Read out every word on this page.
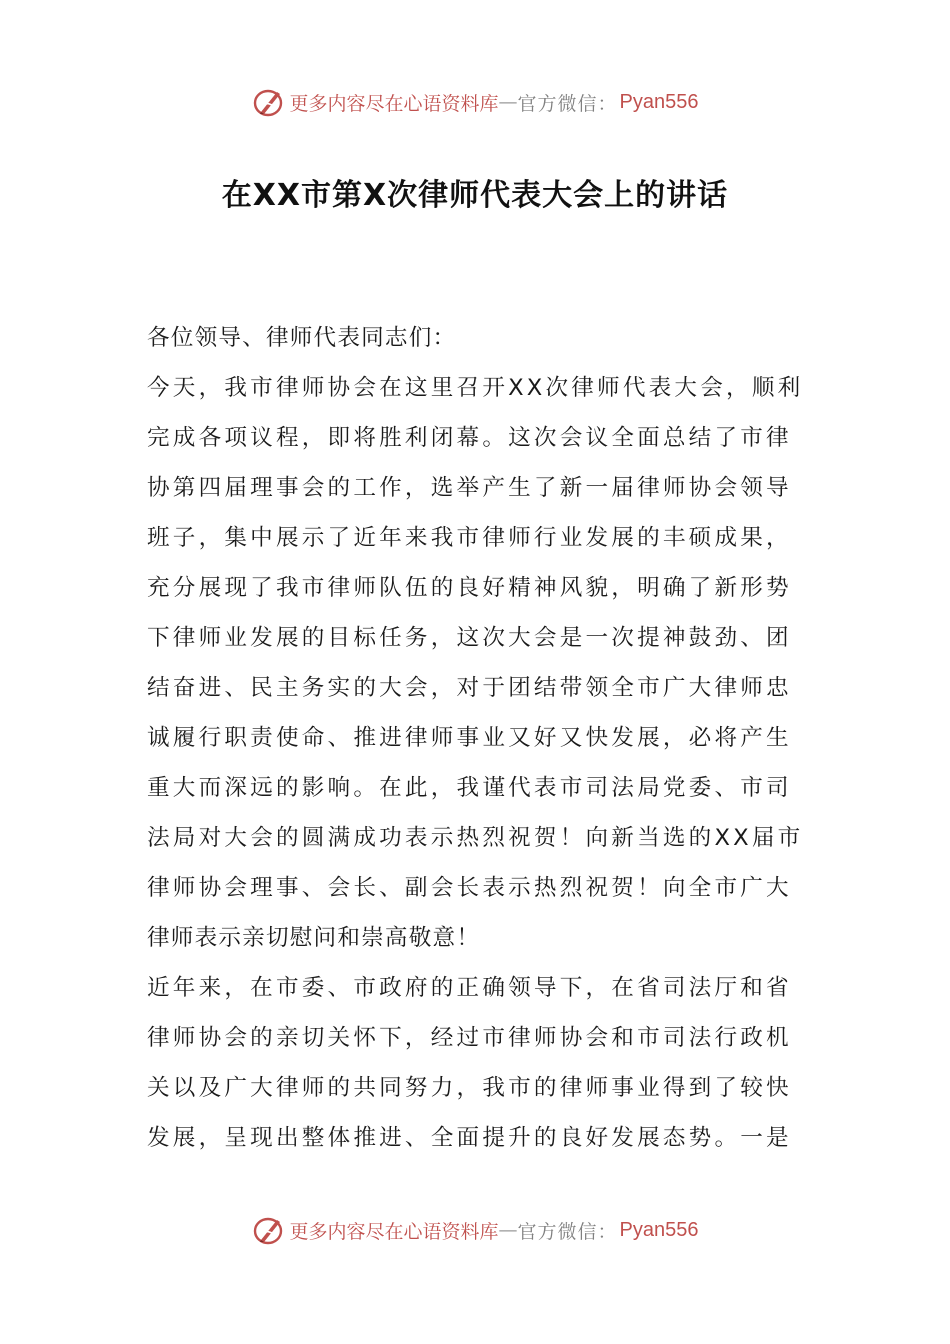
更多内容尽在心语资料库 — 官方微信： Pyan556
在XX市第X次律师代表大会上的讲话
各位领导、律师代表同志们：
今天，我市律师协会在这里召开XX次律师代表大会，顺利
完成各项议程，即将胜利闭幕。这次会议全面总结了市律
协第四届理事会的工作，选举产生了新一届律师协会领导
班子，集中展示了近年来我市律师行业发展的丰硕成果，
充分展现了我市律师队伍的良好精神风貌，明确了新形势
下律师业发展的目标任务，这次大会是一次提神鼓劲、团
结奋进、民主务实的大会，对于团结带领全市广大律师忠
诚履行职责使命、推进律师事业又好又快发展，必将产生
重大而深远的影响。在此，我谨代表市司法局党委、市司
法局对大会的圆满成功表示热烈祝贺！向新当选的XX届市
律师协会理事、会长、副会长表示热烈祝贺！向全市广大
律师表示亲切慰问和崇高敬意！
近年来，在市委、市政府的正确领导下，在省司法厅和省
律师协会的亲切关怀下，经过市律师协会和市司法行政机
关以及广大律师的共同努力，我市的律师事业得到了较快
发展，呈现出整体推进、全面提升的良好发展态势。一是
更多内容尽在心语资料库 — 官方微信： Pyan556
